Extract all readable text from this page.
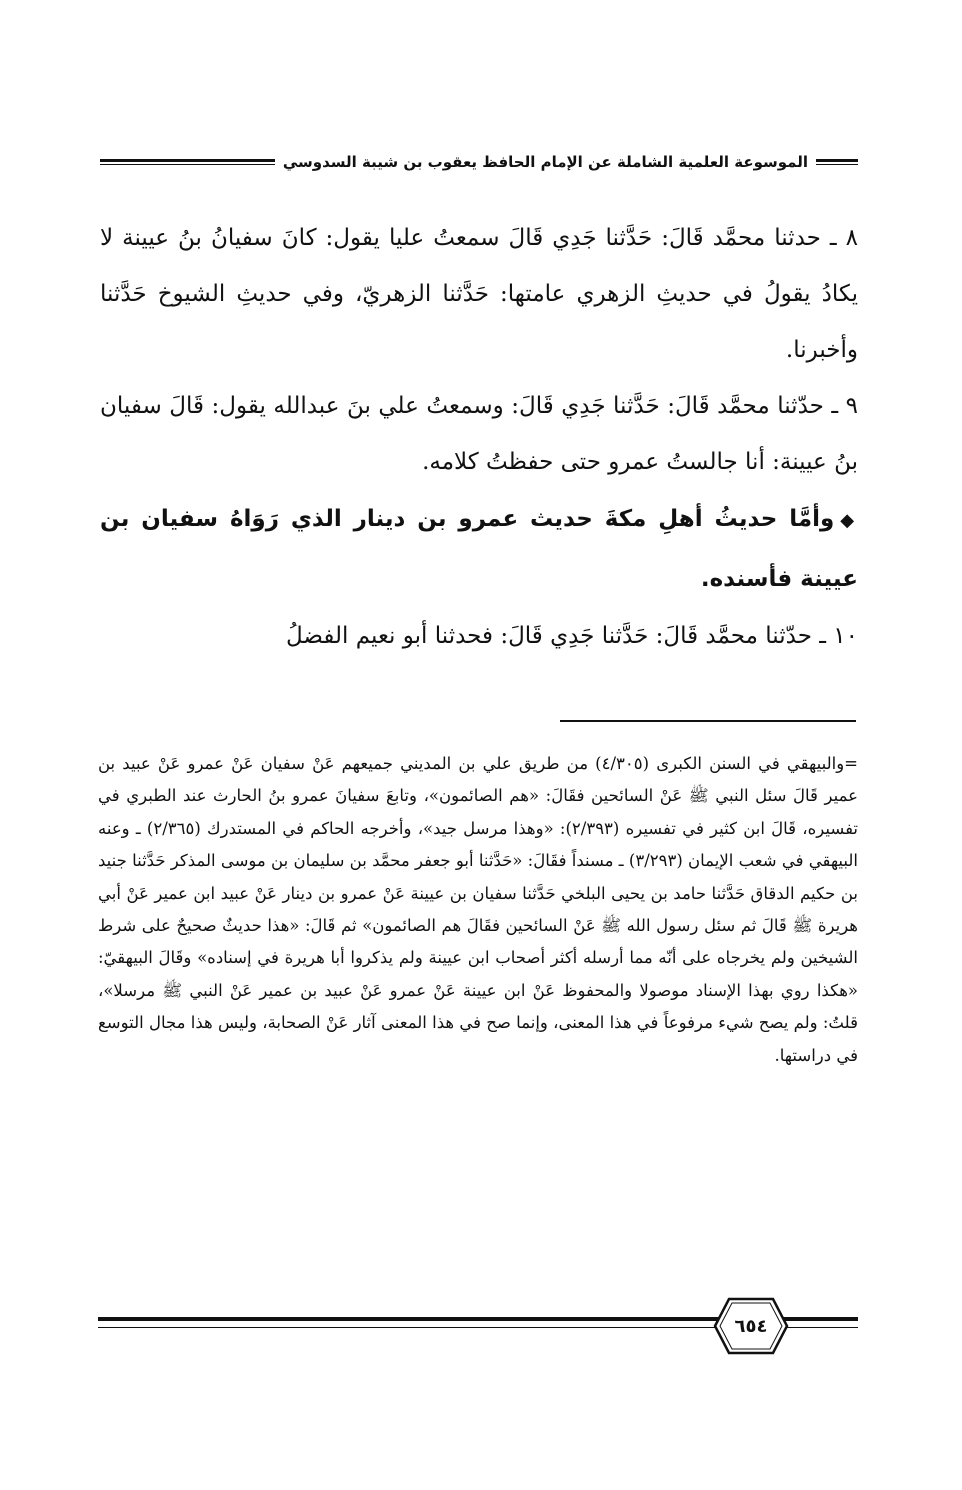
الموسوعة العلمية الشاملة عن الإمام الحافظ يعقوب بن شيبة السدوسي

٨ ـ حدثنا محمَّد قَالَ: حَدَّثنا جَدِي قَالَ سمعتُ عليا يقول: كانَ سفيانُ بنُ عيينة لا يكادُ يقولُ في حديثِ الزهري عامتها: حَدَّثنا الزهريّ، وفي حديثِ الشيوخ حَدَّثنا وأخبرنا.

٩ ـ حدّثنا محمَّد قَالَ: حَدَّثنا جَدِي قَالَ: وسمعتُ علي بنَ عبدالله يقول: قَالَ سفيان بنُ عيينة: أنا جالستُ عمرو حتى حفظتُ كلامه.

◆وأمَّا حديثُ أهلِ مكةَ حديث عمرو بن دينار الذي رَوَاهُ سفيان بن عيينة فأسنده.

١٠ ـ حدّثنا محمَّد قَالَ: حَدَّثنا جَدِي قَالَ: فحدثنا أبو نعيم الفضلُ

=والبيهقي في السنن الكبرى (٤/٣٠٥) من طريق علي بن المديني جميعهم عَنْ سفيان عَنْ عمرو عَنْ عبيد بن عمير قَالَ سئل النبي ﷺ عَنْ السائحين فقَالَ: «هم الصائمون»، وتابعَ سفيانَ عمرو بنُ الحارث عند الطبري في تفسيره، قَالَ ابن كثير في تفسيره (٢/٣٩٣): «وهذا مرسل جيد»، وأخرجه الحاكم في المستدرك (٢/٣٦٥) ـ وعنه البيهقي في شعب الإيمان (٣/٢٩٣) ـ مسنداً فقَالَ: «حَدَّثنا أبو جعفر محمَّد بن سليمان بن موسى المذكر حَدَّثنا جنيد بن حكيم الدقاق حَدَّثنا حامد بن يحيى البلخي حَدَّثنا سفيان بن عيينة عَنْ عمرو بن دينار عَنْ عبيد ابن عمير عَنْ أبي هريرة ﷺ قَالَ ثم سئل رسول الله ﷺ عَنْ السائحين فقَالَ هم الصائمون» ثم قَالَ: «هذا حديثٌ صحيحٌ على شرط الشيخين ولم يخرجاه على أنّه مما أرسله أكثر أصحاب ابن عيينة ولم يذكروا أبا هريرة في إسناده» وقَالَ البيهقيّ: «هكذا روي بهذا الإسناد موصولا والمحفوظ عَنْ ابن عيينة عَنْ عمرو عَنْ عبيد بن عمير عَنْ النبي ﷺ مرسلا»، قلتُ: ولم يصح شيء مرفوعاً في هذا المعنى، وإنما صح في هذا المعنى آثار عَنْ الصحابة، وليس هذا مجال التوسع في دراستها.

٦٥٤
